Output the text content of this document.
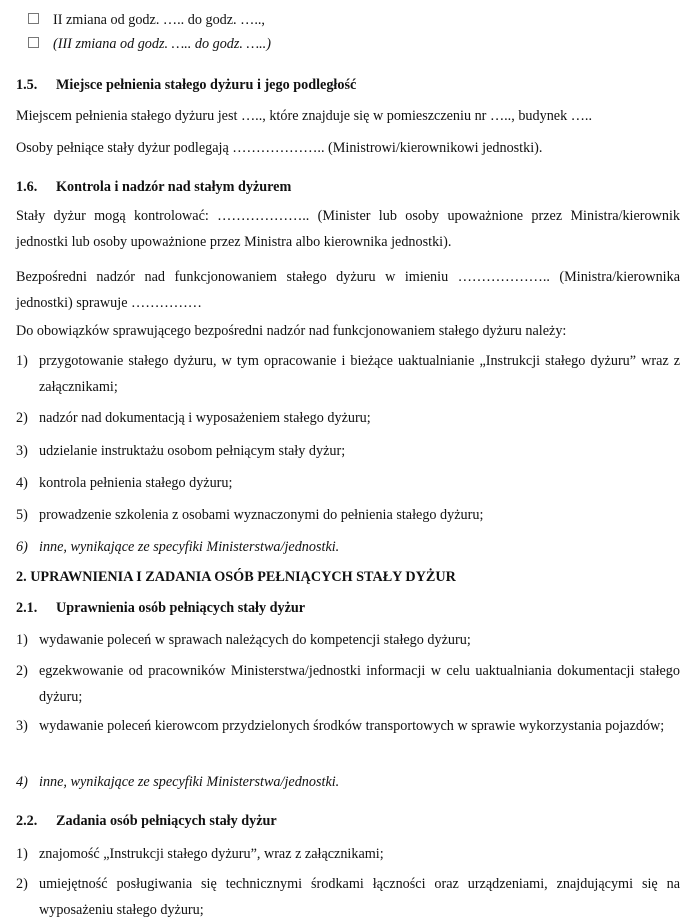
II zmiana od godz. ….. do godz. …..,
(III zmiana od godz. ….. do godz. …..)
1.5. Miejsce pełnienia stałego dyżuru i jego podległość
Miejscem pełnienia stałego dyżuru jest ….., które znajduje się w pomieszczeniu nr ….., budynek …..
Osoby pełniące stały dyżur podlegają ……………….. (Ministrowi/kierownikowi jednostki).
1.6. Kontrola i nadzór nad stałym dyżurem
Stały dyżur mogą kontrolować: ……………….. (Minister lub osoby upoważnione przez Ministra/kierownik jednostki lub osoby upoważnione przez Ministra albo kierownika jednostki).
Bezpośredni nadzór nad funkcjonowaniem stałego dyżuru w imieniu ……………….. (Ministra/kierownika jednostki) sprawuje ……………
Do obowiązków sprawującego bezpośredni nadzór nad funkcjonowaniem stałego dyżuru należy:
1) przygotowanie stałego dyżuru, w tym opracowanie i bieżące uaktualnianie „Instrukcji stałego dyżuru” wraz z załącznikami;
2) nadzór nad dokumentacją i wyposażeniem stałego dyżuru;
3) udzielanie instruktażu osobom pełniącym stały dyżur;
4) kontrola pełnienia stałego dyżuru;
5) prowadzenie szkolenia z osobami wyznaczonymi do pełnienia stałego dyżuru;
6) inne, wynikające ze specyfiki Ministerstwa/jednostki.
2. UPRAWNIENIA I ZADANIA OSÓB PEŁNIĄCYCH STAŁY DYŻUR
2.1. Uprawnienia osób pełniących stały dyżur
1) wydawanie poleceń w sprawach należących do kompetencji stałego dyżuru;
2) egzekwowanie od pracowników Ministerstwa/jednostki informacji w celu uaktualniania dokumentacji stałego dyżuru;
3) wydawanie poleceń kierowcom przydzielonych środków transportowych w sprawie wykorzystania pojazdów;
4) inne, wynikające ze specyfiki Ministerstwa/jednostki.
2.2. Zadania osób pełniących stały dyżur
1) znajomość „Instrukcji stałego dyżuru”, wraz z załącznikami;
2) umiejętność posługiwania się technicznymi środkami łączności oraz urządzeniami, znajdującymi się na wyposażeniu stałego dyżuru;
